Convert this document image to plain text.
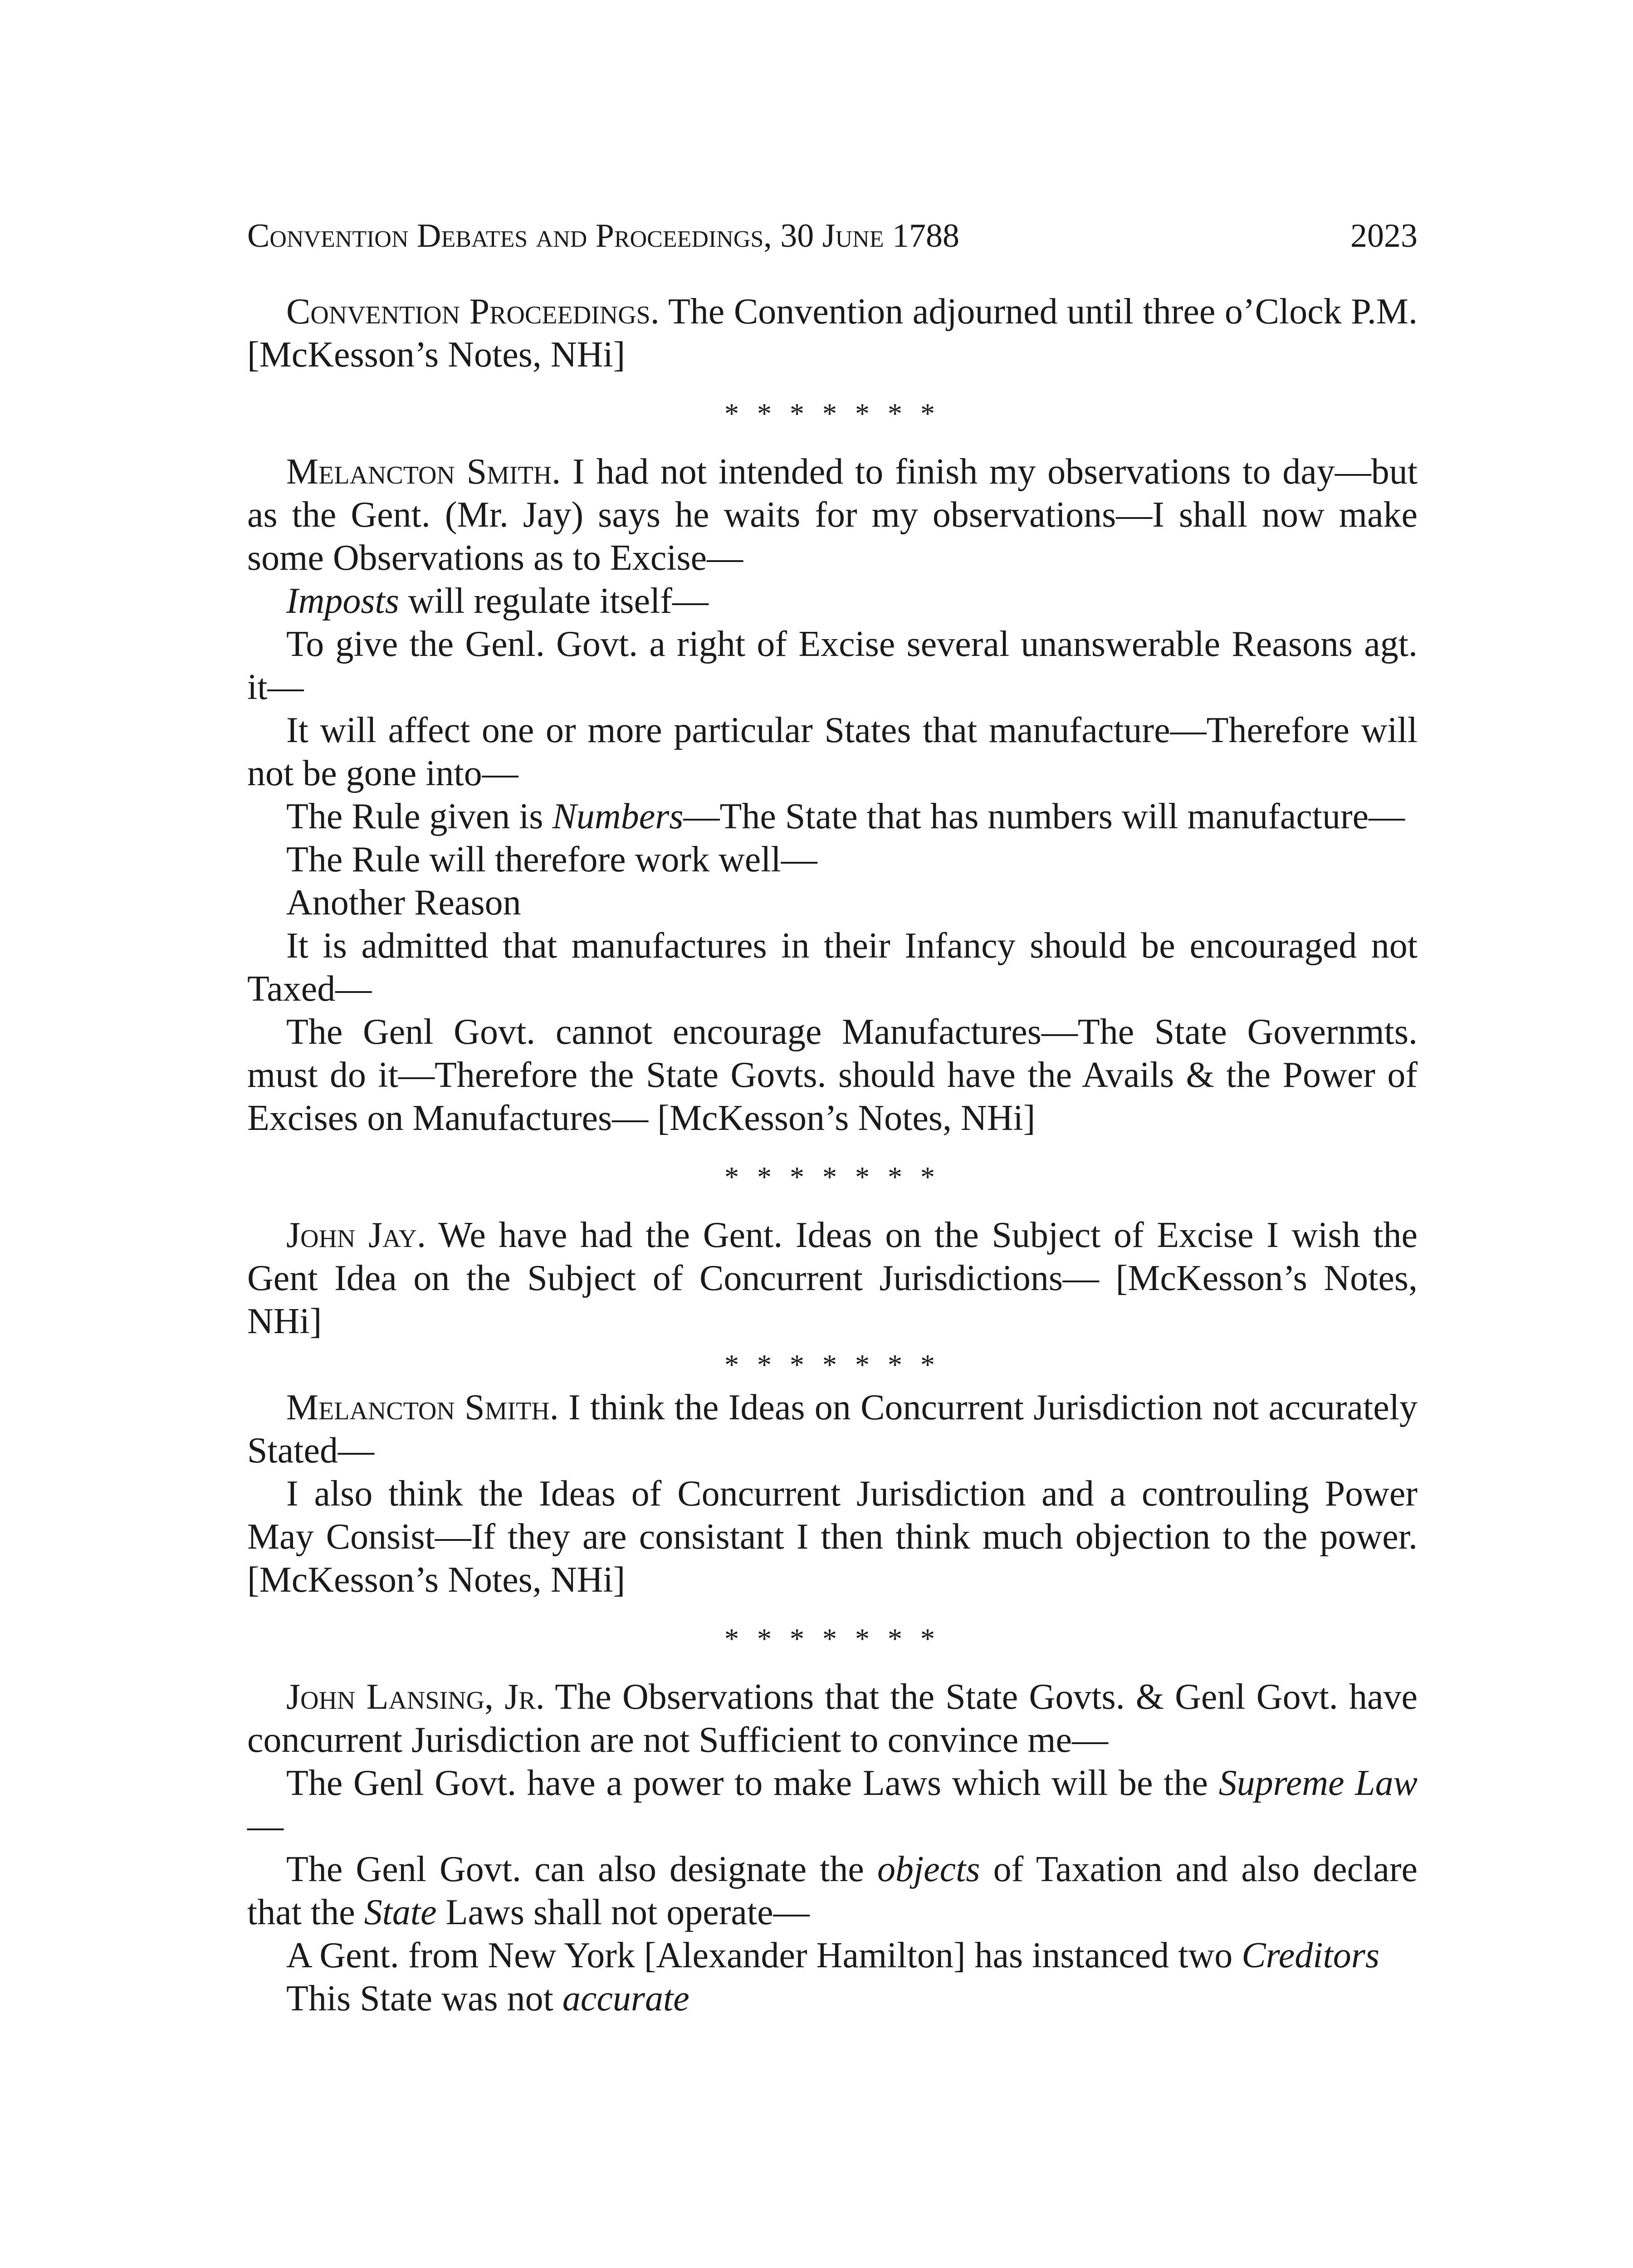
Convention Debates and Proceedings, 30 June 1788	2023

Convention Proceedings. The Convention adjourned until three o’Clock P.M. [McKesson’s Notes, NHi]

* * * * * * *

Melancton Smith. I had not intended to finish my observations to day—but as the Gent. (Mr. Jay) says he waits for my observations—I shall now make some Observations as to Excise—

Imposts will regulate itself—

To give the Genl. Govt. a right of Excise several unanswerable Reasons agt. it—

It will affect one or more particular States that manufacture—Therefore will not be gone into—

The Rule given is Numbers—The State that has numbers will manufacture—

The Rule will therefore work well—

Another Reason

It is admitted that manufactures in their Infancy should be encouraged not Taxed—

The Genl Govt. cannot encourage Manufactures—The State Governmts. must do it—Therefore the State Govts. should have the Avails & the Power of Excises on Manufactures— [McKesson’s Notes, NHi]

* * * * * * *

John Jay. We have had the Gent. Ideas on the Subject of Excise I wish the Gent Idea on the Subject of Concurrent Jurisdictions— [McKesson’s Notes, NHi]

* * * * * * *

Melancton Smith. I think the Ideas on Concurrent Jurisdiction not accurately Stated—

I also think the Ideas of Concurrent Jurisdiction and a controuling Power May Consist—If they are consistant I then think much objection to the power. [McKesson’s Notes, NHi]

* * * * * * *

John Lansing, Jr. The Observations that the State Govts. & Genl Govt. have concurrent Jurisdiction are not Sufficient to convince me—

The Genl Govt. have a power to make Laws which will be the Supreme Law—

The Genl Govt. can also designate the objects of Taxation and also declare that the State Laws shall not operate—

A Gent. from New York [Alexander Hamilton] has instanced two Creditors

This State was not accurate
